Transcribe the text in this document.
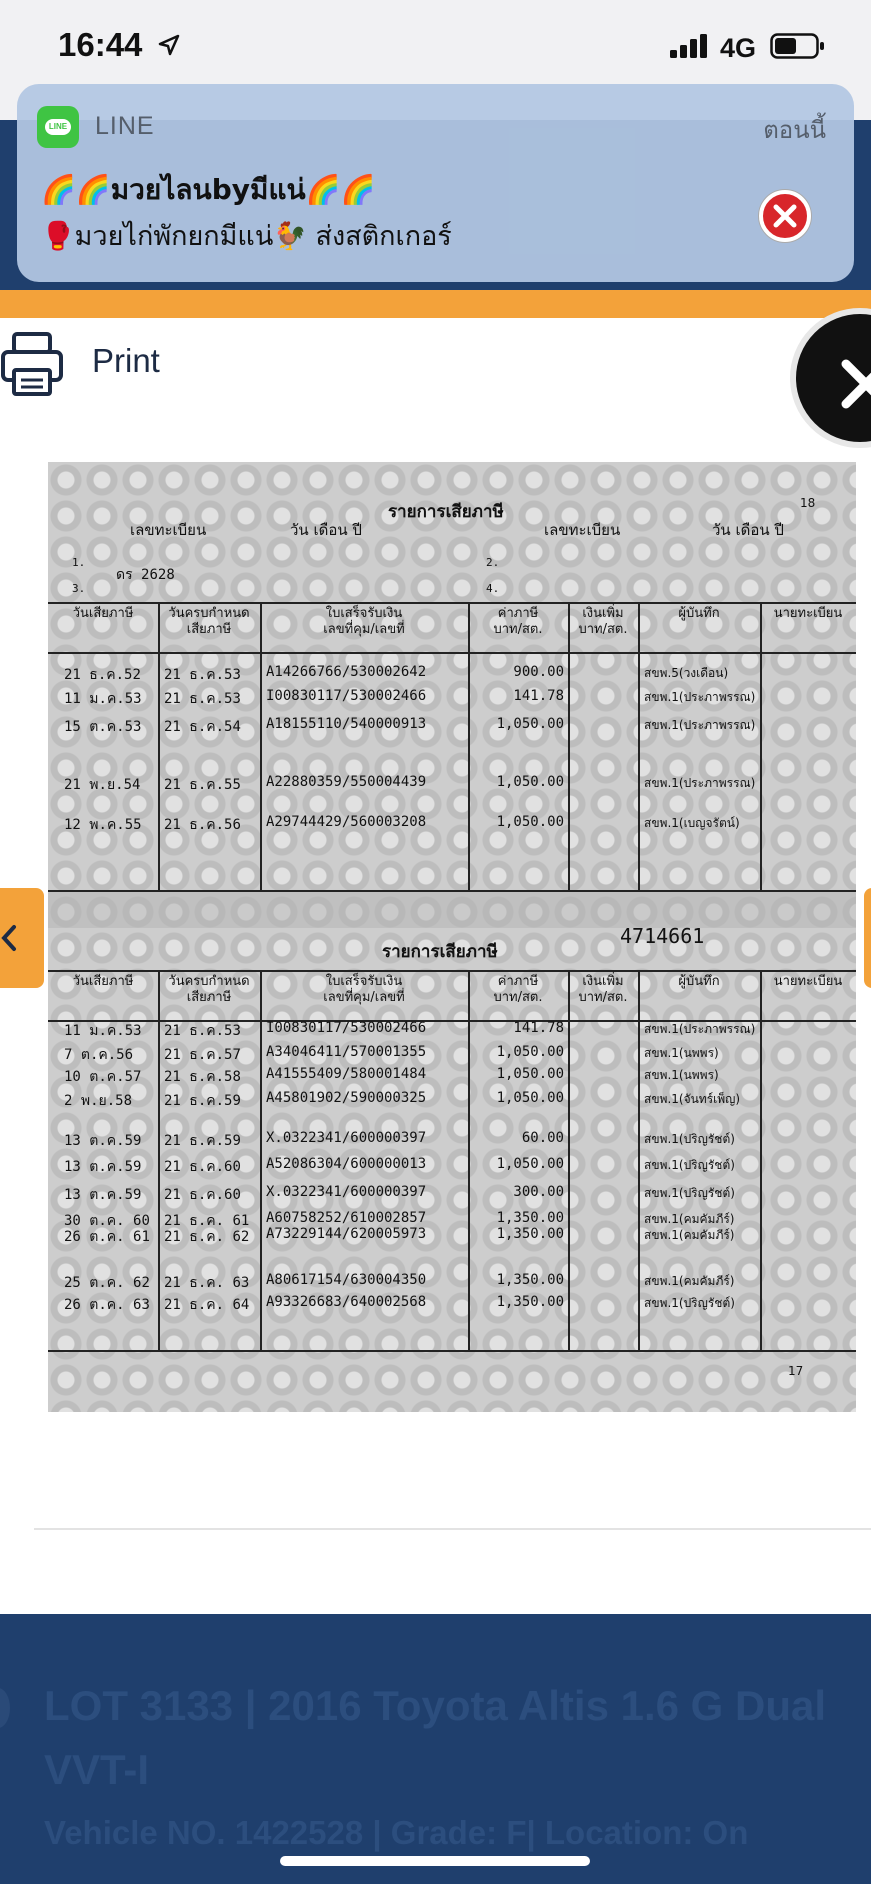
16:44	4G
LINE LINE	ตอนนี้
🌈🌈มวยไลนbyมีแน่🌈🌈
🥊มวยไก่พักยกมีแน่🐓 ส่งสติกเกอร์
Print
18
รายการเสียภาษี
เลขทะเบียน	วัน เดือน ปี	เลขทะเบียน	วัน เดือน ปี
1.
ดร 2628
2.
3.	4.
วันเสียภาษี	วันครบกำหนด
เสียภาษี
ใบเสร็จรับเงิน
เลขที่คุม/เลขที่
ค่าภาษี
บาท/สต.
เงินเพิ่ม
บาท/สต.
ผู้บันทึก	นายทะเบียน
21 ธ.ค.52 21 ธ.ค.53 A14266766/530002642	900.00	สขพ.5(วงเดือน)
11 ม.ค.53 21 ธ.ค.53 I00830117/530002466	141.78	สขพ.1(ประภาพรรณ)
15 ต.ค.53 21 ธ.ค.54 A18155110/540000913	1,050.00	สขพ.1(ประภาพรรณ)
21 พ.ย.54 21 ธ.ค.55 A22880359/550004439	1,050.00	สขพ.1(ประภาพรรณ)
12 พ.ค.55 21 ธ.ค.56 A29744429/560003208	1,050.00	สขพ.1(เบญจรัตน์)
รายการเสียภาษี
4714661
วันเสียภาษี	วันครบกำหนด
เสียภาษี
ใบเสร็จรับเงิน
เลขที่คุม/เลขที่
ค่าภาษี
บาท/สต.
เงินเพิ่ม
บาท/สต.
ผู้บันทึก	นายทะเบียน
11 ม.ค.53 21 ธ.ค.53 I00830117/530002466	141.78	สขพ.1(ประภาพรรณ)
7 ต.ค.56 21 ธ.ค.57 A34046411/570001355	1,050.00	สขพ.1(นพพร)
10 ต.ค.57 21 ธ.ค.58 A41555409/580001484	1,050.00	สขพ.1(นพพร)
2 พ.ย.58 21 ธ.ค.59 A45801902/590000325	1,050.00	สขพ.1(จันทร์เพ็ญ)
13 ต.ค.59 21 ธ.ค.59 X.0322341/600000397	60.00	สขพ.1(ปริญรัชต์)
13 ต.ค.59 21 ธ.ค.60 A52086304/600000013	1,050.00	สขพ.1(ปริญรัชต์)
13 ต.ค.59 21 ธ.ค.60 X.0322341/600000397	300.00	สขพ.1(ปริญรัชต์)
30 ต.ค. 60 21 ธ.ค. 61 A60758252/610002857	1,350.00	สขพ.1(คมคัมภีร์)
26 ต.ค. 61 21 ธ.ค. 62 A73229144/620005973	1,350.00	สขพ.1(คมคัมภีร์)
25 ต.ค. 62 21 ธ.ค. 63 A80617154/630004350	1,350.00	สขพ.1(คมคัมภีร์)
26 ต.ค. 63 21 ธ.ค. 64 A93326683/640002568	1,350.00	สขพ.1(ปริญรัชต์)
17
LOT 3133 | 2016 Toyota Altis 1.6 G Dual VVT-I
Vehicle NO. 1422528 | Grade: F| Location: On
